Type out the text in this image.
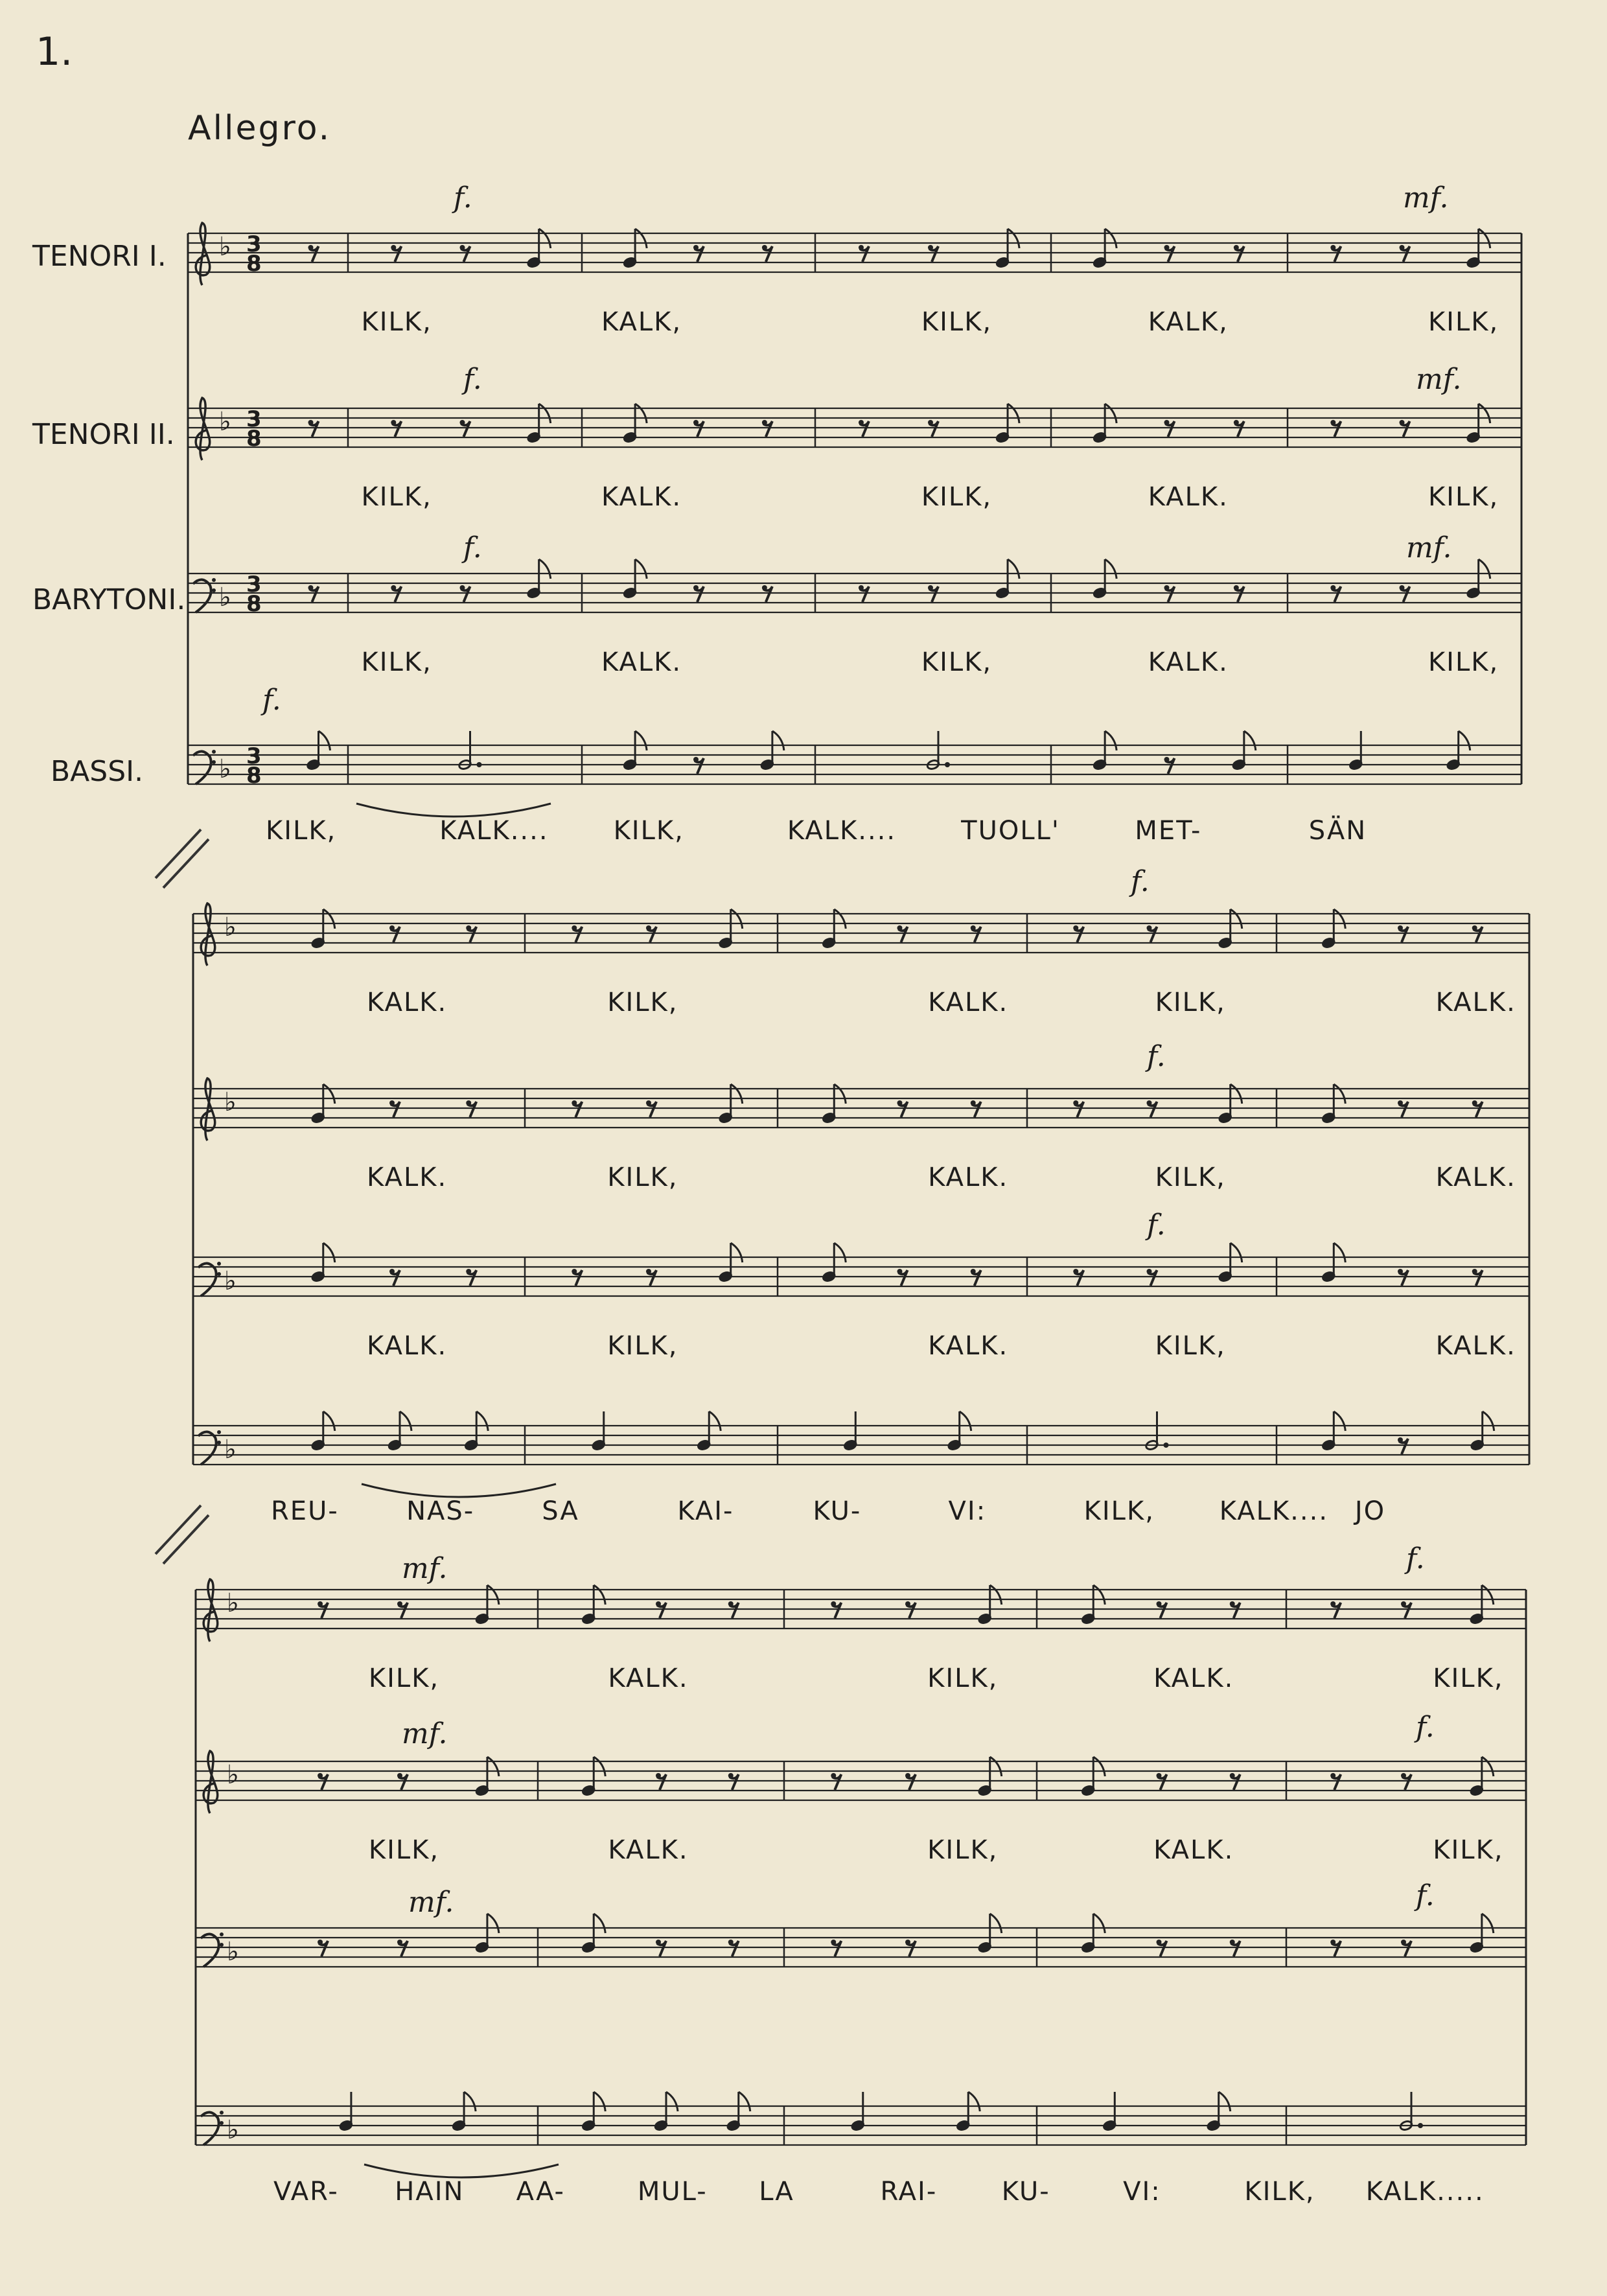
1.
Allegro.
♭ 3
8
KILK,	KALK,	KILK,	KALK,	KILK,
♭ 3
8
KILK,	KALK.	KILK,	KALK.	KILK,
♭ 3
8
KILK,	KALK.	KILK,	KALK.	KILK,
♭ 3
8
KILK,	KALK....	KILK,	KALK....	TUOLL'	MET-	SÄN
♭
KALK.	KILK,	KALK.	KILK,	KALK.
♭
KALK.	KILK,	KALK.	KILK,	KALK.
♭
KALK.	KILK,	KALK.	KILK,	KALK.
♭
REU-	NAS-	SA	KAI-	KU-	VI:	KILK, KALK.... JO
♭
KILK,	KALK.	KILK,	KALK.	KILK,
♭
KILK,	KALK.	KILK,	KALK.	KILK,
♭
♭
VAR- HAIN AA-	MUL- LA	RAI- KU-	VI:	KILK, KALK.....
TENORI I.
TENORI II.
BARYTONI.
BASSI.
f.	mf.
f.	mf.
f.	mf.
f.
f.
f.
f.
mf.	f.
mf.	f.
mf.	f.
